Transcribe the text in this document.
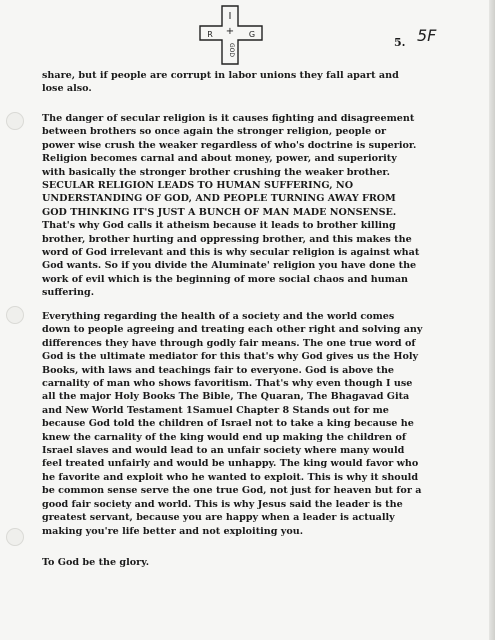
I
+
R	G
GOD
5. 5F
share, but if people are corrupt in labor unions they fall apart and
lose also.
The danger of secular religion is it causes fighting and disagreement
between brothers so once again the stronger religion, people or
power wise crush the weaker regardless of who's doctrine is superior.
Religion becomes carnal and about money, power, and superiority
with basically the stronger brother crushing the weaker brother.
SECULAR RELIGION LEADS TO HUMAN SUFFERING, NO
UNDERSTANDING OF GOD, AND PEOPLE TURNING AWAY FROM
GOD THINKING IT'S JUST A BUNCH OF MAN MADE NONSENSE.
That's why God calls it atheism because it leads to brother killing
brother, brother hurting and oppressing brother, and this makes the
word of God irrelevant and this is why secular religion is against what
God wants. So if you divide the Aluminate' religion you have done the
work of evil which is the beginning of more social chaos and human
suffering.
Everything regarding the health of a society and the world comes
down to people agreeing and treating each other right and solving any
differences they have through godly fair means. The one true word of
God is the ultimate mediator for this that's why God gives us the Holy
Books, with laws and teachings fair to everyone. God is above the
carnality of man who shows favoritism. That's why even though I use
all the major Holy Books The Bible, The Quaran, The Bhagavad Gita
and New World Testament 1Samuel Chapter 8 Stands out for me
because God told the children of Israel not to take a king because he
knew the carnality of the king would end up making the children of
Israel slaves and would lead to an unfair society where many would
feel treated unfairly and would be unhappy. The king would favor who
he favorite and exploit who he wanted to exploit. This is why it should
be common sense serve the one true God, not just for heaven but for a
good fair society and world. This is why Jesus said the leader is the
greatest servant, because you are happy when a leader is actually
making you're life better and not exploiting you.
To God be the glory.
